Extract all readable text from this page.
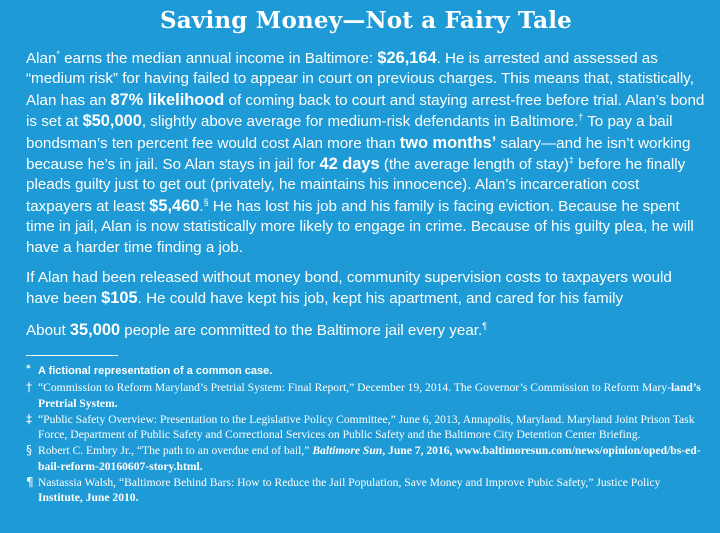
Saving Money—Not a Fairy Tale

Alan* earns the median annual income in Baltimore: $26,164. He is arrested and assessed as “medium risk” for having failed to appear in court on previous charges. This means that, statistically, Alan has an 87% likelihood of coming back to court and staying arrest-free before trial. Alan’s bond is set at $50,000, slightly above average for medium-risk defendants in Baltimore.† To pay a bail bondsman’s ten percent fee would cost Alan more than two months’ salary—and he isn’t working because he’s in jail. So Alan stays in jail for 42 days (the average length of stay)‡ before he finally pleads guilty just to get out (privately, he maintains his innocence). Alan’s incarceration cost taxpayers at least $5,460.§ He has lost his job and his family is facing eviction. Because he spent time in jail, Alan is now statistically more likely to engage in crime. Because of his guilty plea, he will have a harder time finding a job.

If Alan had been released without money bond, community supervision costs to taxpayers would have been $105. He could have kept his job, kept his apartment, and cared for his family

About 35,000 people are committed to the Baltimore jail every year.¶

* A fictional representation of a common case.

† “Commission to Reform Maryland’s Pretrial System: Final Report,” December 19, 2014. The Governor’s Commission to Reform Mary-land’s Pretrial System.

‡ “Public Safety Overview: Presentation to the Legislative Policy Committee,” June 6, 2013, Annapolis, Maryland. Maryland Joint Prison Task Force, Department of Public Safety and Correctional Services on Public Safety and the Baltimore City Detention Center Briefing.

§ Robert C. Embry Jr., “The path to an overdue end of bail,” Baltimore Sun, June 7, 2016, www.baltimoresun.com/news/opinion/oped/bs-ed-bail-reform-20160607-story.html.

¶ Nastassia Walsh, “Baltimore Behind Bars: How to Reduce the Jail Population, Save Money and Improve Pubic Safety,” Justice Policy Institute, June 2010.
